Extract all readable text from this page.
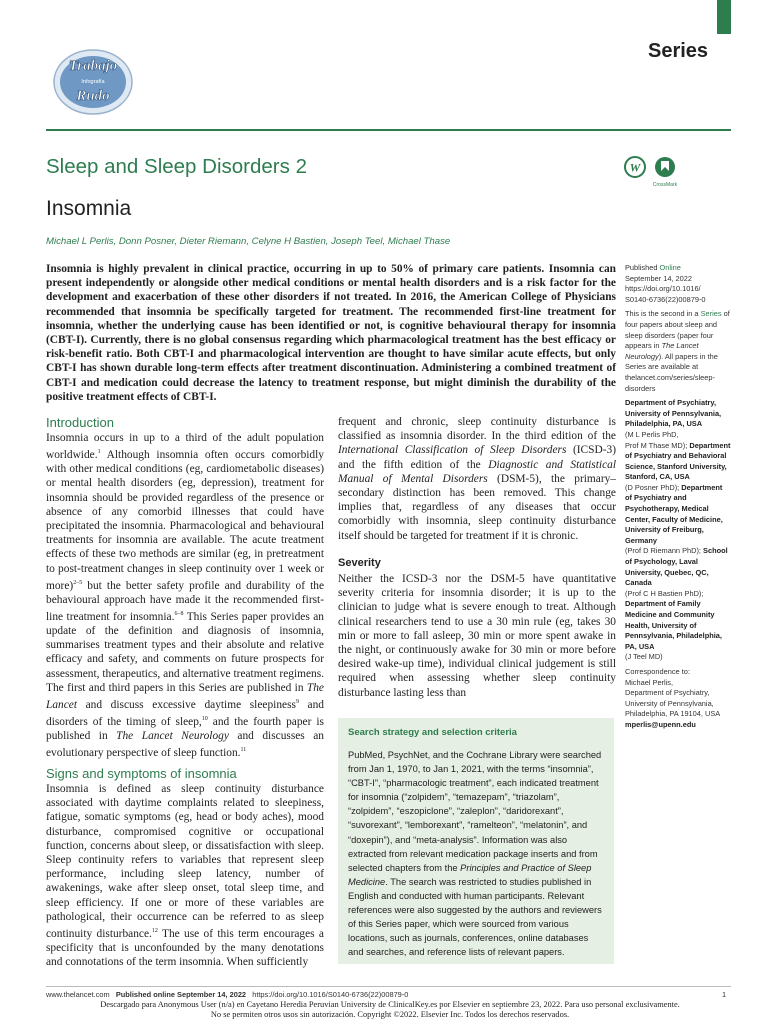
Series
Trabajo
Infografía
Rudo
Sleep and Sleep Disorders 2
Insomnia
Michael L Perlis, Donn Posner, Dieter Riemann, Celyne H Bastien, Joseph Teel, Michael Thase
W
CrossMark
Insomnia is highly prevalent in clinical practice, occurring in up to 50% of primary care patients. Insomnia can present independently or alongside other medical conditions or mental health disorders and is a risk factor for the development and exacerbation of these other disorders if not treated. In 2016, the American College of Physicians recommended that insomnia be specifically targeted for treatment. The recommended first-line treatment for insomnia, whether the underlying cause has been identified or not, is cognitive behavioural therapy for insomnia (CBT-I). Currently, there is no global consensus regarding which pharmacological treatment has the best efficacy or risk-benefit ratio. Both CBT-I and pharmacological intervention are thought to have similar acute effects, but only CBT-I has shown durable long-term effects after treatment discontinuation. Administering a combined treatment of CBT-I and medication could decrease the latency to treatment response, but might diminish the durability of the positive treatment effects of CBT-I.
Introduction
Insomnia occurs in up to a third of the adult population worldwide.$^1$ Although insomnia often occurs comorbidly with other medical conditions (eg, cardiometabolic diseases) or mental health disorders (eg, depression), treatment for insomnia should be provided regardless of the presence or absence of any comorbid illnesses that could have precipitated the insomnia. Pharmacological and behavioural treatments for insomnia are available. The acute treatment effects of these two methods are similar (eg, in pretreatment to post-treatment changes in sleep continuity over 1 week or more)$^{2-5}$ but the better safety profile and durability of the behavioural approach have made it the recommended first-line treatment for insomnia.$^{6-8}$ This Series paper provides an update of the definition and diagnosis of insomnia, summarises treatment types and their absolute and relative efficacy and safety, and comments on future prospects for assessment, therapeutics, and alternative treatment regimens. The first and third papers in this Series are published in The Lancet and discuss excessive daytime sleepiness$^9$ and disorders of the timing of sleep,$^{10}$ and the fourth paper is published in The Lancet Neurology and discusses an evolutionary perspective of sleep function.$^{11}$
Signs and symptoms of insomnia
Insomnia is defined as sleep continuity disturbance associated with daytime complaints related to sleepiness, fatigue, somatic symptoms (eg, head or body aches), mood disturbance, compromised cognitive or occupational function, concerns about sleep, or dissatisfaction with sleep. Sleep continuity refers to variables that represent sleep performance, including sleep latency, number of awakenings, wake after sleep onset, total sleep time, and sleep efficiency. If one or more of these variables are pathological, their occurrence can be referred to as sleep continuity disturbance.$^{12}$ The use of this term encourages a specificity that is unconfounded by the many denotations and connotations of the term insomnia. When sufficiently
frequent and chronic, sleep continuity disturbance is classified as insomnia disorder. In the third edition of the International Classification of Sleep Disorders (ICSD-3) and the fifth edition of the Diagnostic and Statistical Manual of Mental Disorders (DSM-5), the primary–secondary distinction has been removed. This change implies that, regardless of any diseases that occur comorbidly with insomnia, sleep continuity disturbance itself should be targeted for treatment if it is chronic.
Severity
Neither the ICSD-3 nor the DSM-5 have quantitative severity criteria for insomnia disorder; it is up to the clinician to judge what is severe enough to treat. Although clinical researchers tend to use a 30 min rule (eg, takes 30 min or more to fall asleep, 30 min or more spent awake in the night, or continuously awake for 30 min or more before desired wake-up time), individual clinical judgement is still required when assessing whether sleep continuity disturbance lasting less than
Search strategy and selection criteria
PubMed, PsychNet, and the Cochrane Library were searched from Jan 1, 1970, to Jan 1, 2021, with the terms “insomnia”, “CBT-I”, “pharmacologic treatment”, each indicated treatment for insomnia (“zolpidem”, “temazepam”, “triazolam”, “zolpidem”, “eszopiclone”, “zaleplon”, “daridorexant”, “suvorexant”, “lemborexant”, “ramelteon”, “melatonin”, and “doxepin”), and “meta-analysis”. Information was also extracted from relevant medication package inserts and from selected chapters from the Principles and Practice of Sleep Medicine. The search was restricted to studies published in English and conducted with human participants. Relevant references were also suggested by the authors and reviewers of this Series paper, which were sourced from various locations, such as journals, conferences, online databases and searches, and reference lists of relevant papers.
Published Online
September 14, 2022
https://doi.org/10.1016/
S0140-6736(22)00879-0
This is the second in a Series of four papers about sleep and sleep disorders (paper four appears in The Lancet Neurology). All papers in the Series are available at thelancet.com/series/sleep-disorders
Department of Psychiatry, University of Pennsylvania, Philadelphia, PA, USA
(M L Perlis PhD,
Prof M Thase MD); Department of Psychiatry and Behavioral Science, Stanford University, Stanford, CA, USA
(D Posner PhD); Department of Psychiatry and Psychotherapy, Medical Center, Faculty of Medicine, University of Freiburg, Germany
(Prof D Riemann PhD); School of Psychology, Laval University, Quebec, QC, Canada
(Prof C H Bastien PhD);
Department of Family Medicine and Community Health, University of Pennsylvania, Philadelphia, PA, USA
(J Teel MD)
Correspondence to:
Michael Perlis,
Department of Psychiatry, University of Pennsylvania, Philadelphia, PA 19104, USA
mperlis@upenn.edu
www.thelancet.com Published online September 14, 2022 https://doi.org/10.1016/S0140-6736(22)00879-0	1
Descargado para Anonymous User (n/a) en Cayetano Heredia Peruvian University de ClinicalKey.es por Elsevier en septiembre 23, 2022. Para uso personal exclusivamente. No se permiten otros usos sin autorización. Copyright ©2022. Elsevier Inc. Todos los derechos reservados.
